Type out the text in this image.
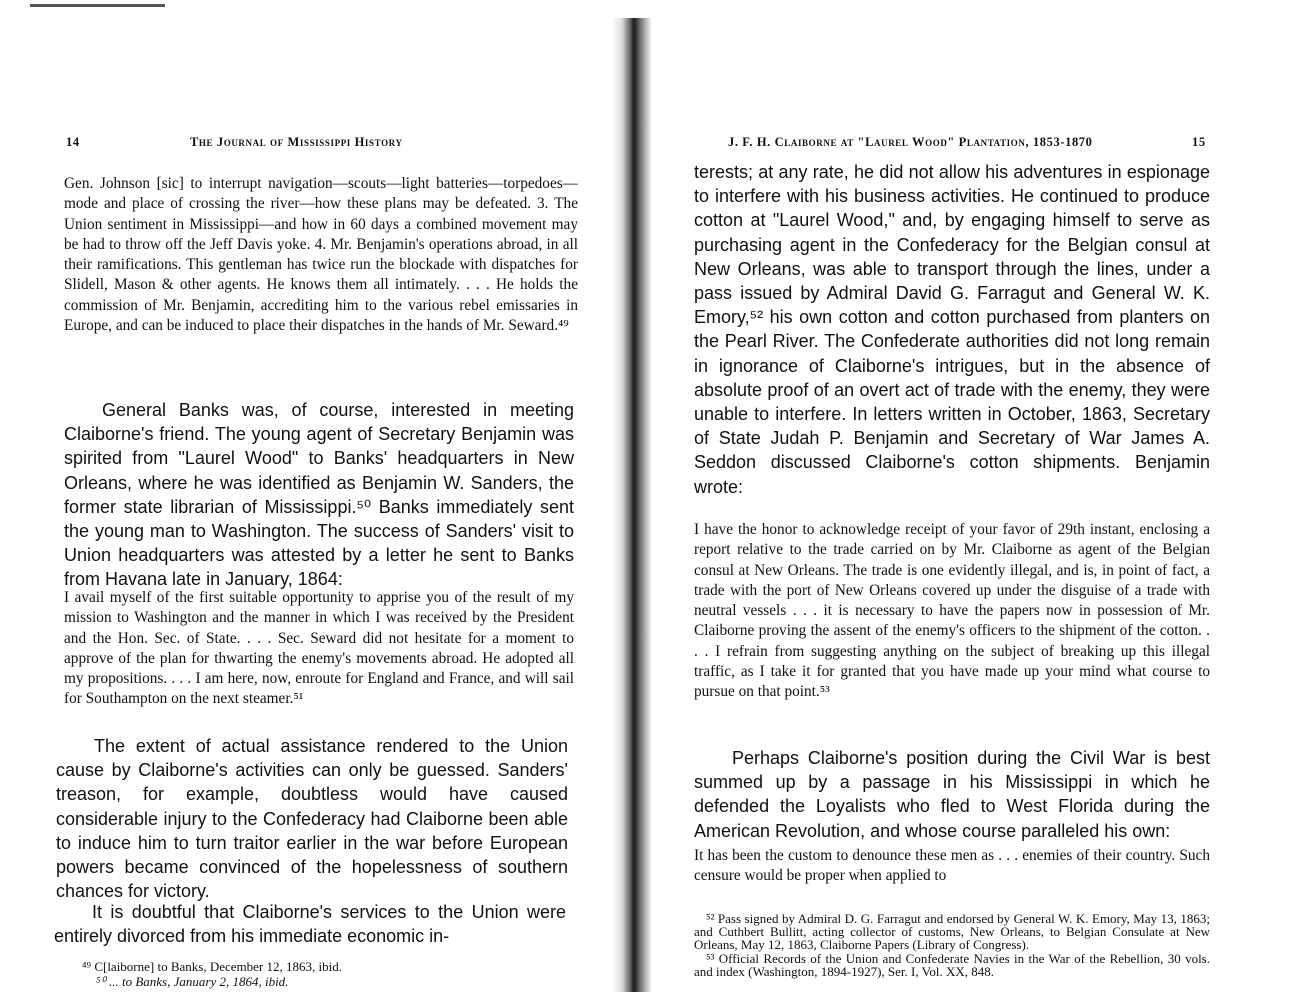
14	The Journal of Mississippi History

Gen. Johnson [sic] to interrupt navigation—scouts—light batteries—torpedoes—mode and place of crossing the river—how these plans may be defeated. 3. The Union sentiment in Mississippi—and how in 60 days a combined movement may be had to throw off the Jeff Davis yoke. 4. Mr. Benjamin's operations abroad, in all their ramifications. This gentleman has twice run the blockade with dispatches for Slidell, Mason & other agents. He knows them all intimately. . . . He holds the commission of Mr. Benjamin, accrediting him to the various rebel emissaries in Europe, and can be induced to place their dispatches in the hands of Mr. Seward.⁴⁹

General Banks was, of course, interested in meeting Claiborne's friend. The young agent of Secretary Benjamin was spirited from "Laurel Wood" to Banks' headquarters in New Orleans, where he was identified as Benjamin W. Sanders, the former state librarian of Mississippi.⁵⁰ Banks immediately sent the young man to Washington. The success of Sanders' visit to Union headquarters was attested by a letter he sent to Banks from Havana late in January, 1864:

I avail myself of the first suitable opportunity to apprise you of the result of my mission to Washington and the manner in which I was received by the President and the Hon. Sec. of State. . . . Sec. Seward did not hesitate for a moment to approve of the plan for thwarting the enemy's movements abroad. He adopted all my propositions. . . . I am here, now, enroute for England and France, and will sail for Southampton on the next steamer.⁵¹

The extent of actual assistance rendered to the Union cause by Claiborne's activities can only be guessed. Sanders' treason, for example, doubtless would have caused considerable injury to the Confederacy had Claiborne been able to induce him to turn traitor earlier in the war before European powers became convinced of the hopelessness of southern chances for victory.

It is doubtful that Claiborne's services to the Union were entirely divorced from his immediate economic in-

⁴⁹ C[laiborne] to Banks, December 12, 1863, ibid.

⁵⁰ ... to Banks, January 2, 1864, ibid.

J. F. H. Claiborne at "Laurel Wood" Plantation, 1853-1870	15

terests; at any rate, he did not allow his adventures in espionage to interfere with his business activities. He continued to produce cotton at "Laurel Wood," and, by engaging himself to serve as purchasing agent in the Confederacy for the Belgian consul at New Orleans, was able to transport through the lines, under a pass issued by Admiral David G. Farragut and General W. K. Emory,⁵² his own cotton and cotton purchased from planters on the Pearl River. The Confederate authorities did not long remain in ignorance of Claiborne's intrigues, but in the absence of absolute proof of an overt act of trade with the enemy, they were unable to interfere. In letters written in October, 1863, Secretary of State Judah P. Benjamin and Secretary of War James A. Seddon discussed Claiborne's cotton shipments. Benjamin wrote:

I have the honor to acknowledge receipt of your favor of 29th instant, enclosing a report relative to the trade carried on by Mr. Claiborne as agent of the Belgian consul at New Orleans. The trade is one evidently illegal, and is, in point of fact, a trade with the port of New Orleans covered up under the disguise of a trade with neutral vessels . . . it is necessary to have the papers now in possession of Mr. Claiborne proving the assent of the enemy's officers to the shipment of the cotton. . . . I refrain from suggesting anything on the subject of breaking up this illegal traffic, as I take it for granted that you have made up your mind what course to pursue on that point.⁵³

Perhaps Claiborne's position during the Civil War is best summed up by a passage in his Mississippi in which he defended the Loyalists who fled to West Florida during the American Revolution, and whose course paralleled his own:

It has been the custom to denounce these men as . . . enemies of their country. Such censure would be proper when applied to

⁵² Pass signed by Admiral D. G. Farragut and endorsed by General W. K. Emory, May 13, 1863; and Cuthbert Bullitt, acting collector of customs, New Orleans, to Belgian Consulate at New Orleans, May 12, 1863, Claiborne Papers (Library of Congress).

⁵³ Official Records of the Union and Confederate Navies in the War of the Rebellion, 30 vols. and index (Washington, 1894-1927), Ser. I, Vol. XX, 848.
